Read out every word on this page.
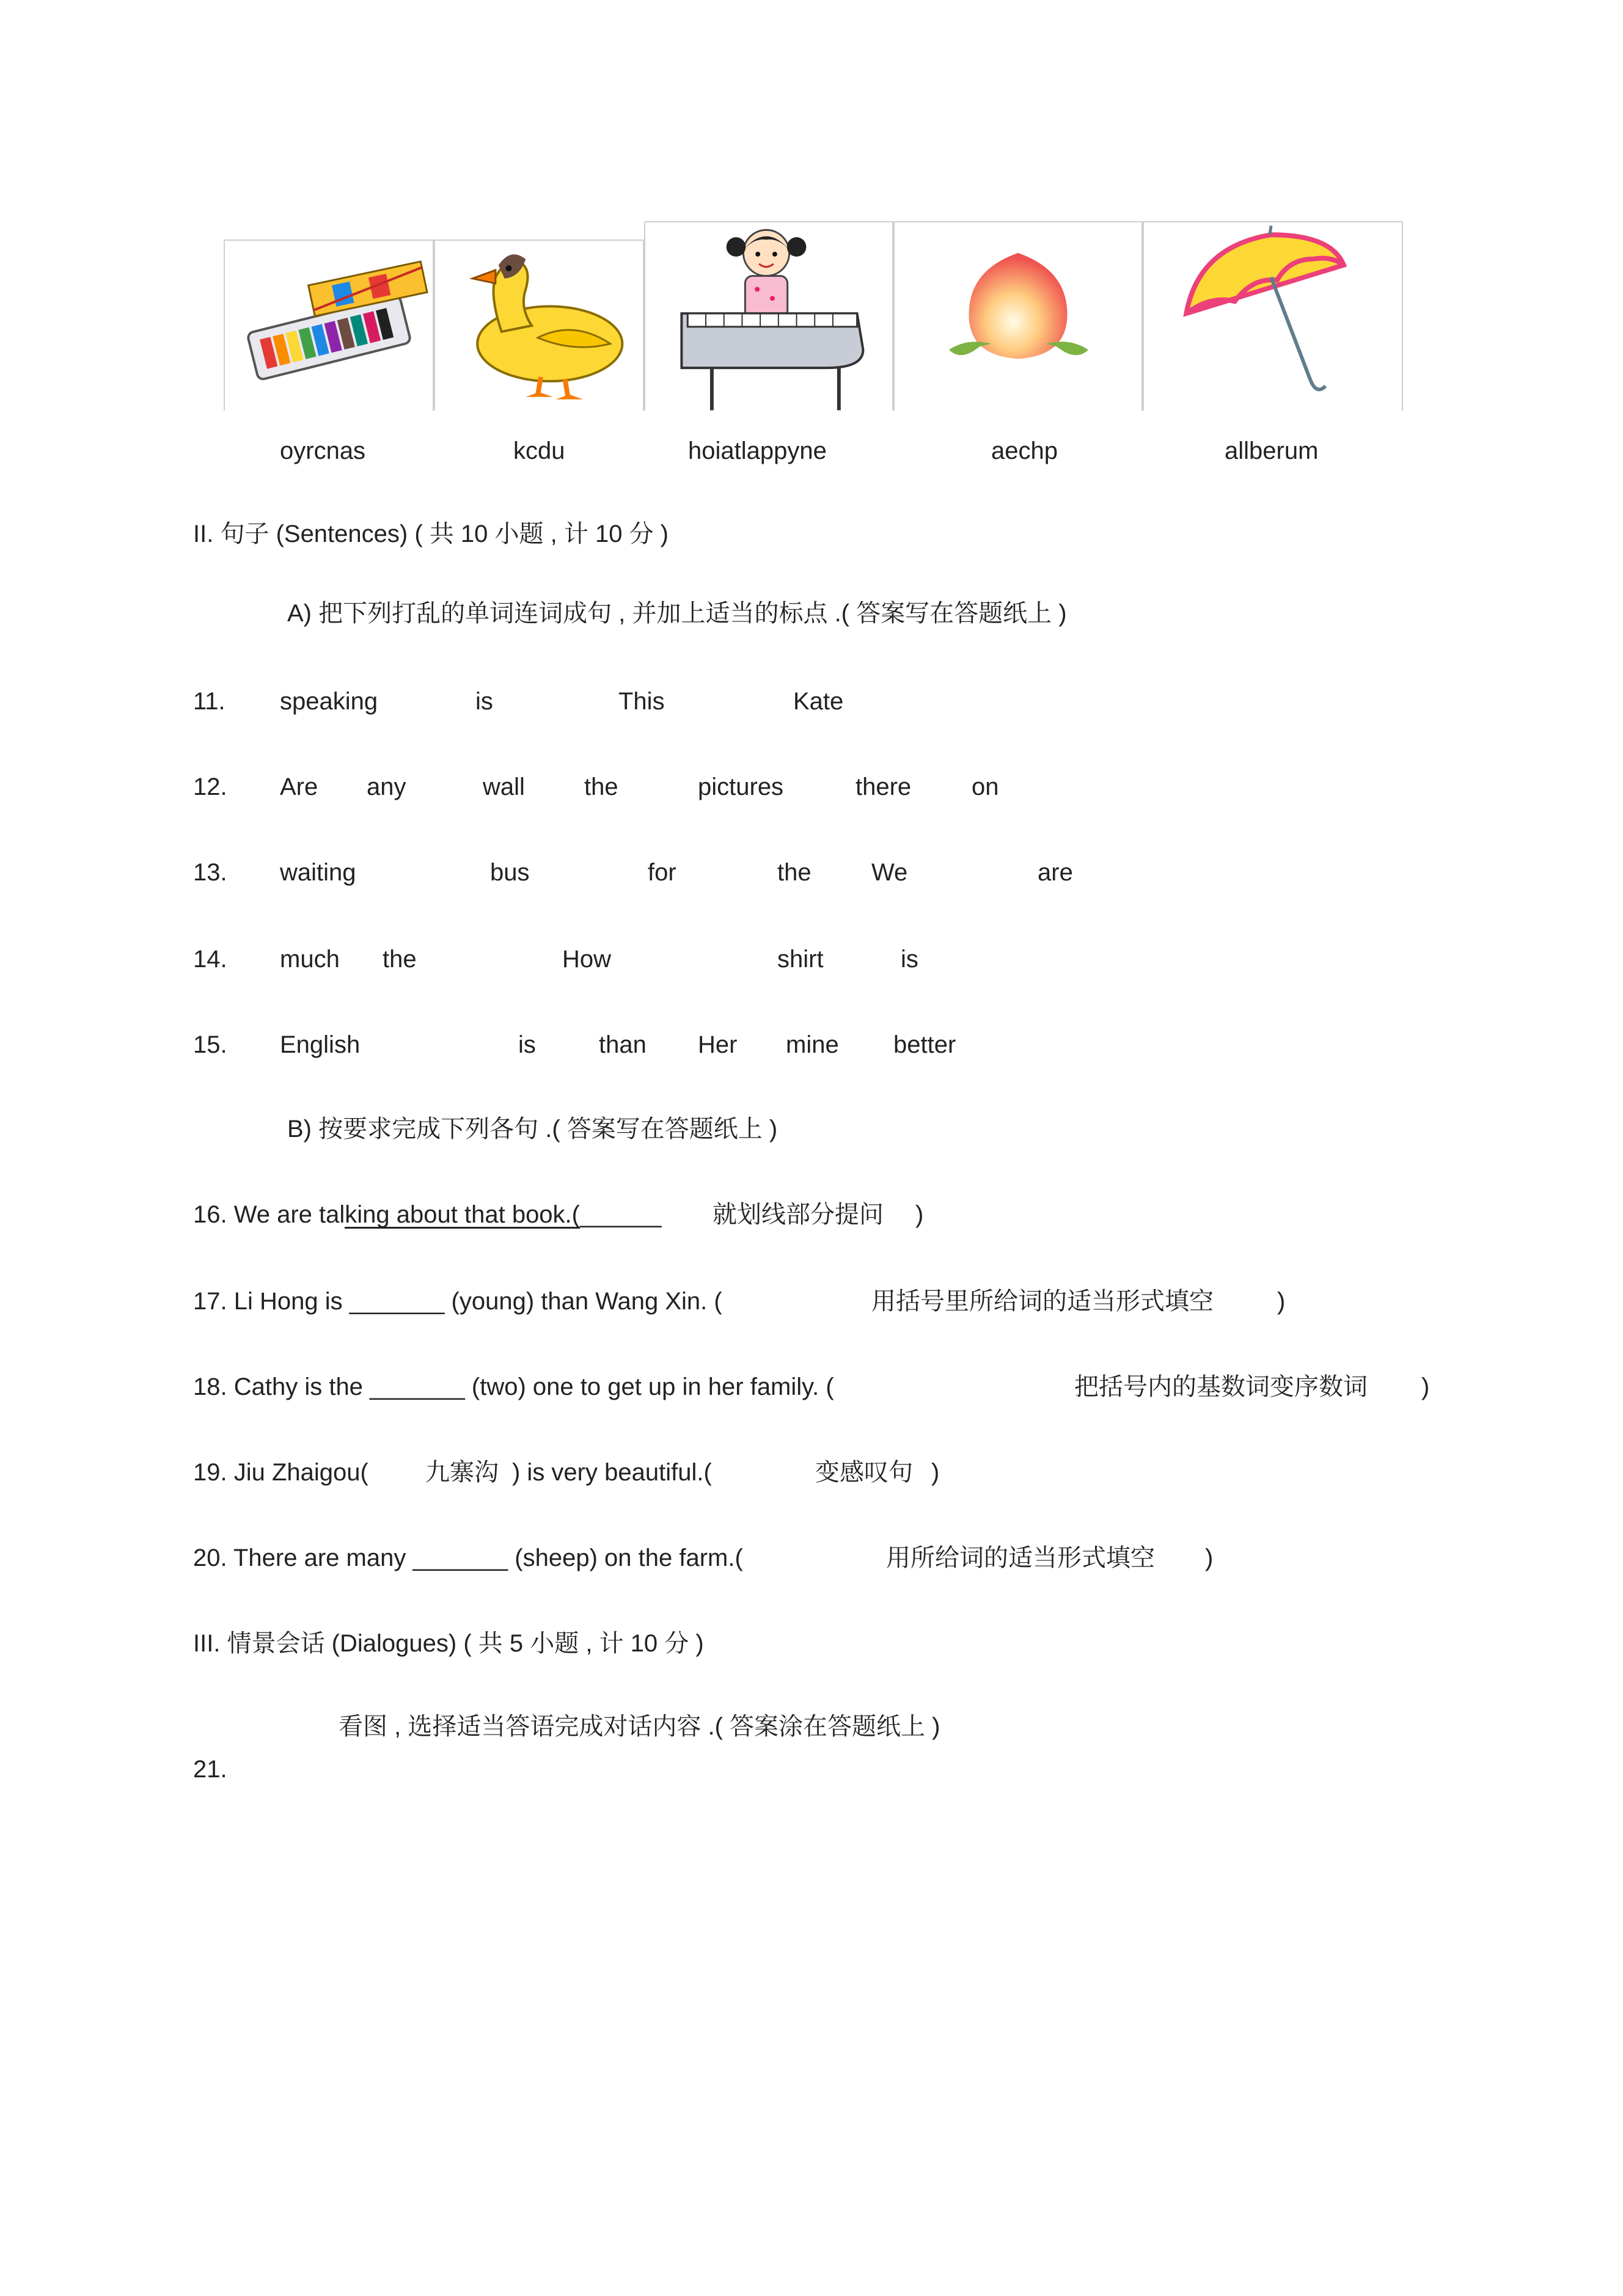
oyrcnas	kcdu	hoiatlappyne	aechp	allberum
II. 句子 (Sentences) ( 共 10 小题 , 计 10 分 )
A) 把下列打乱的单词连词成句 , 并加上适当的标点 .( 答案写在答题纸上 )
11. speaking	is	This	Kate
12. Are any	wall the	pictures	there on
13. waiting	bus	for	the We	are
14. much the	How	shirt	is
15. English	is	than Her mine better
B) 按要求完成下列各句 .( 答案写在答题纸上 )
16. We are talking about that book.(______ 就划线部分提问 )
17. Li Hong is _______ (young) than Wang Xin. (	用括号里所给词的适当形式填空	)
18. Cathy is the _______ (two) one to get up in her family. (	把括号内的基数词变序数词 )
19. Jiu Zhaigou( 九寨沟 ) is very beautiful.(	变感叹句 )
20. There are many _______ (sheep) on the farm.(	用所给词的适当形式填空 )
III. 情景会话 (Dialogues) ( 共 5 小题 , 计 10 分 )
看图 , 选择适当答语完成对话内容 .( 答案涂在答题纸上 )
21.
